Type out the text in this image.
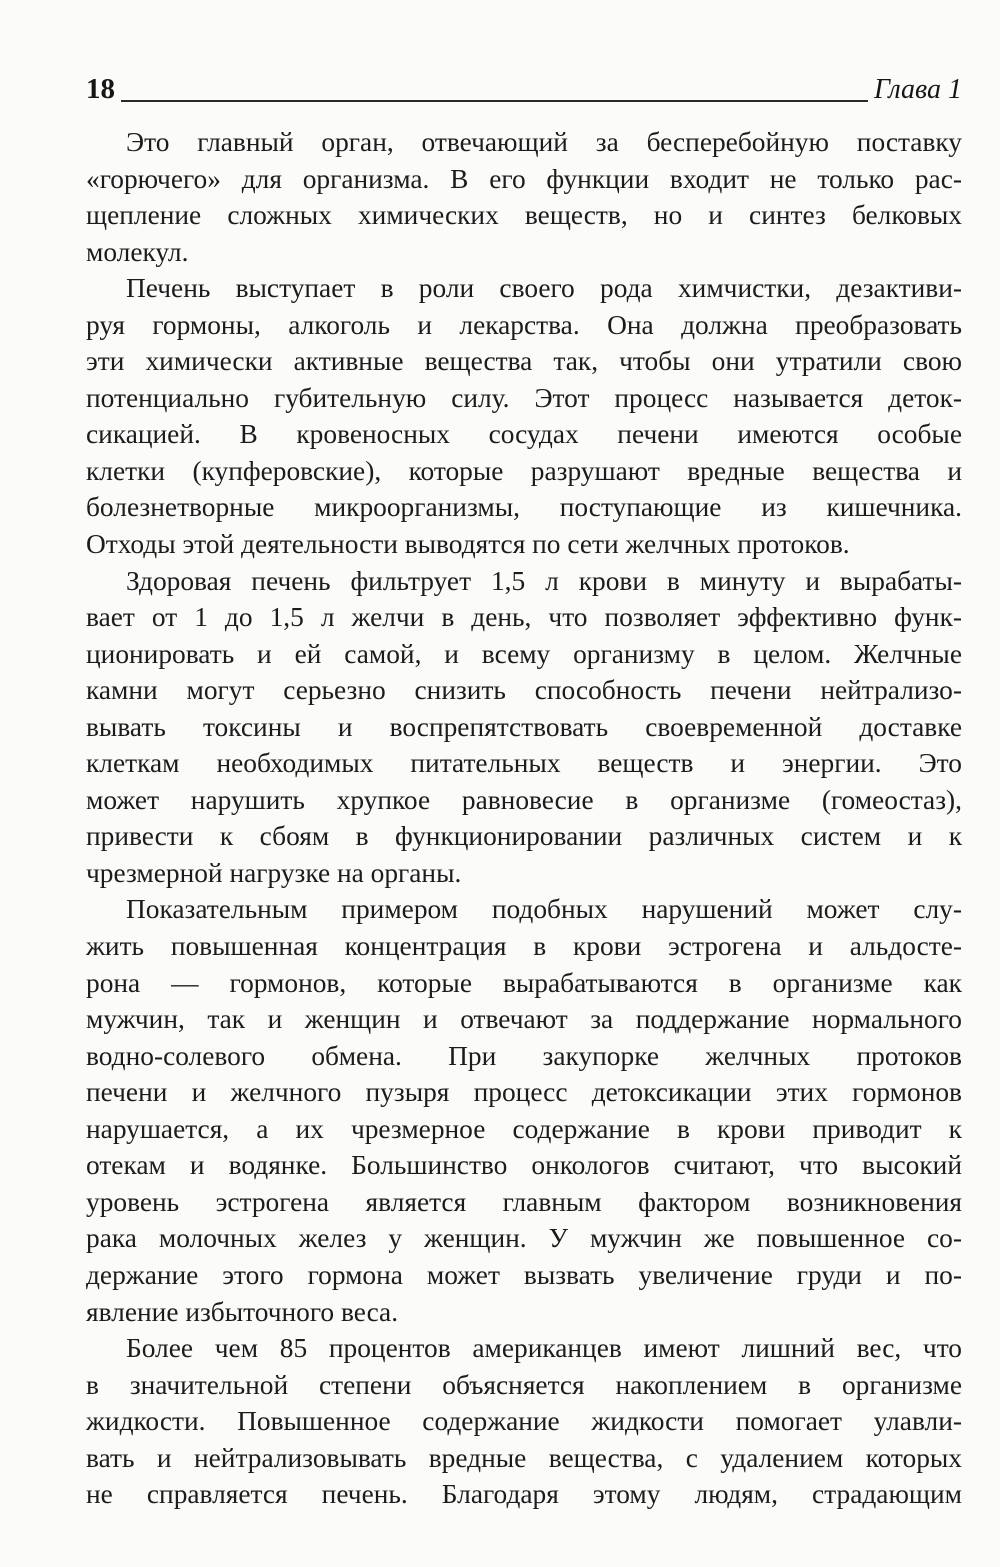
18	Глава 1
Это главный орган, отвечающий за бесперебойную поставку
«горючего» для организма. В его функции входит не только рас-
щепление сложных химических веществ, но и синтез белковых
молекул.
Печень выступает в роли своего рода химчистки, дезактиви-
руя гормоны, алкоголь и лекарства. Она должна преобразовать
эти химически активные вещества так, чтобы они утратили свою
потенциально губительную силу. Этот процесс называется деток-
сикацией. В кровеносных сосудах печени имеются особые
клетки (купферовские), которые разрушают вредные вещества и
болезнетворные микроорганизмы, поступающие из кишечника.
Отходы этой деятельности выводятся по сети желчных протоков.
Здоровая печень фильтрует 1,5 л крови в минуту и вырабаты-
вает от 1 до 1,5 л желчи в день, что позволяет эффективно функ-
ционировать и ей самой, и всему организму в целом. Желчные
камни могут серьезно снизить способность печени нейтрализо-
вывать токсины и воспрепятствовать своевременной доставке
клеткам необходимых питательных веществ и энергии. Это
может нарушить хрупкое равновесие в организме (гомеостаз),
привести к сбоям в функционировании различных систем и к
чрезмерной нагрузке на органы.
Показательным примером подобных нарушений может слу-
жить повышенная концентрация в крови эстрогена и альдосте-
рона — гормонов, которые вырабатываются в организме как
мужчин, так и женщин и отвечают за поддержание нормального
водно-солевого обмена. При закупорке желчных протоков
печени и желчного пузыря процесс детоксикации этих гормонов
нарушается, а их чрезмерное содержание в крови приводит к
отекам и водянке. Большинство онкологов считают, что высокий
уровень эстрогена является главным фактором возникновения
рака молочных желез у женщин. У мужчин же повышенное со-
держание этого гормона может вызвать увеличение груди и по-
явление избыточного веса.
Более чем 85 процентов американцев имеют лишний вес, что
в значительной степени объясняется накоплением в организме
жидкости. Повышенное содержание жидкости помогает улавли-
вать и нейтрализовывать вредные вещества, с удалением которых
не справляется печень. Благодаря этому людям, страдающим
